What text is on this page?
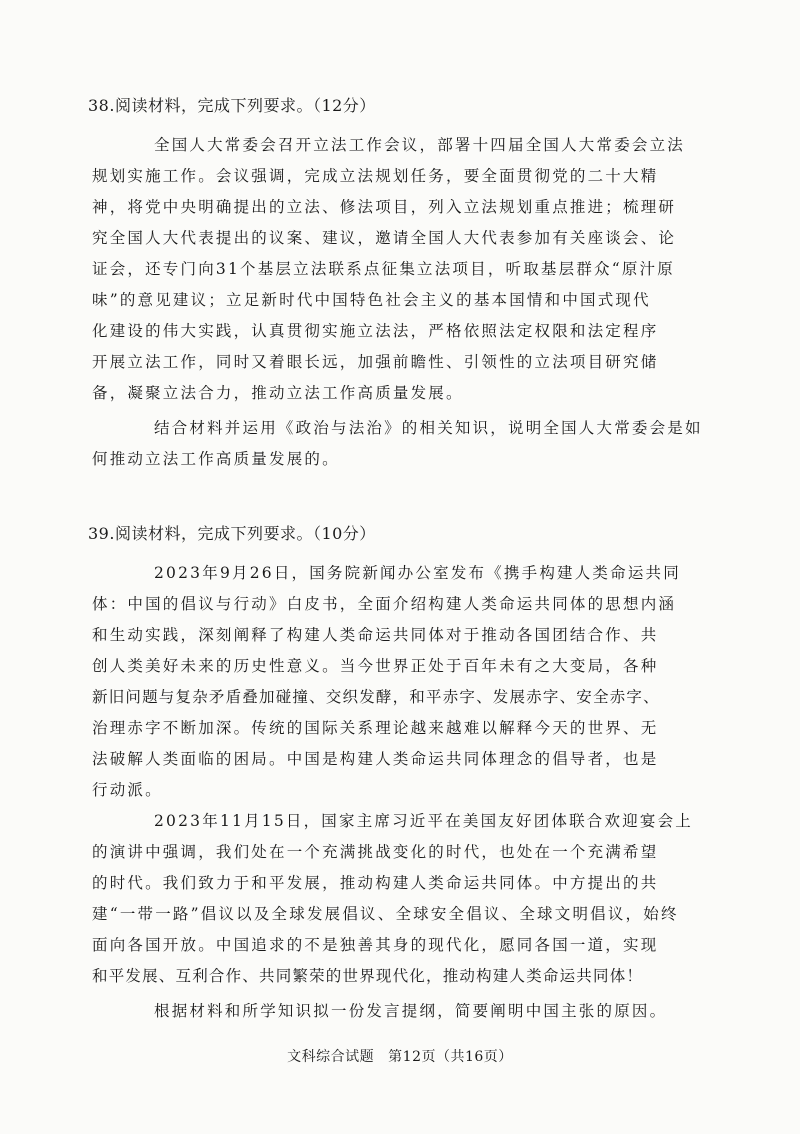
38.阅读材料，完成下列要求。（12分）
全国人大常委会召开立法工作会议，部署十四届全国人大常委会立法
规划实施工作。会议强调，完成立法规划任务，要全面贯彻党的二十大精
神，将党中央明确提出的立法、修法项目，列入立法规划重点推进；梳理研
究全国人大代表提出的议案、建议，邀请全国人大代表参加有关座谈会、论
证会，还专门向31个基层立法联系点征集立法项目，听取基层群众“原汁原
味”的意见建议；立足新时代中国特色社会主义的基本国情和中国式现代
化建设的伟大实践，认真贯彻实施立法法，严格依照法定权限和法定程序
开展立法工作，同时又着眼长远，加强前瞻性、引领性的立法项目研究储
备，凝聚立法合力，推动立法工作高质量发展。
结合材料并运用《政治与法治》的相关知识，说明全国人大常委会是如
何推动立法工作高质量发展的。
39.阅读材料，完成下列要求。（10分）
2023年9月26日，国务院新闻办公室发布《携手构建人类命运共同
体：中国的倡议与行动》白皮书，全面介绍构建人类命运共同体的思想内涵
和生动实践，深刻阐释了构建人类命运共同体对于推动各国团结合作、共
创人类美好未来的历史性意义。当今世界正处于百年未有之大变局，各种
新旧问题与复杂矛盾叠加碰撞、交织发酵，和平赤字、发展赤字、安全赤字、
治理赤字不断加深。传统的国际关系理论越来越难以解释今天的世界、无
法破解人类面临的困局。中国是构建人类命运共同体理念的倡导者，也是
行动派。
2023年11月15日，国家主席习近平在美国友好团体联合欢迎宴会上
的演讲中强调，我们处在一个充满挑战变化的时代，也处在一个充满希望
的时代。我们致力于和平发展，推动构建人类命运共同体。中方提出的共
建“一带一路”倡议以及全球发展倡议、全球安全倡议、全球文明倡议，始终
面向各国开放。中国追求的不是独善其身的现代化，愿同各国一道，实现
和平发展、互利合作、共同繁荣的世界现代化，推动构建人类命运共同体！
根据材料和所学知识拟一份发言提纲，简要阐明中国主张的原因。
文科综合试题 第12页（共16页）
